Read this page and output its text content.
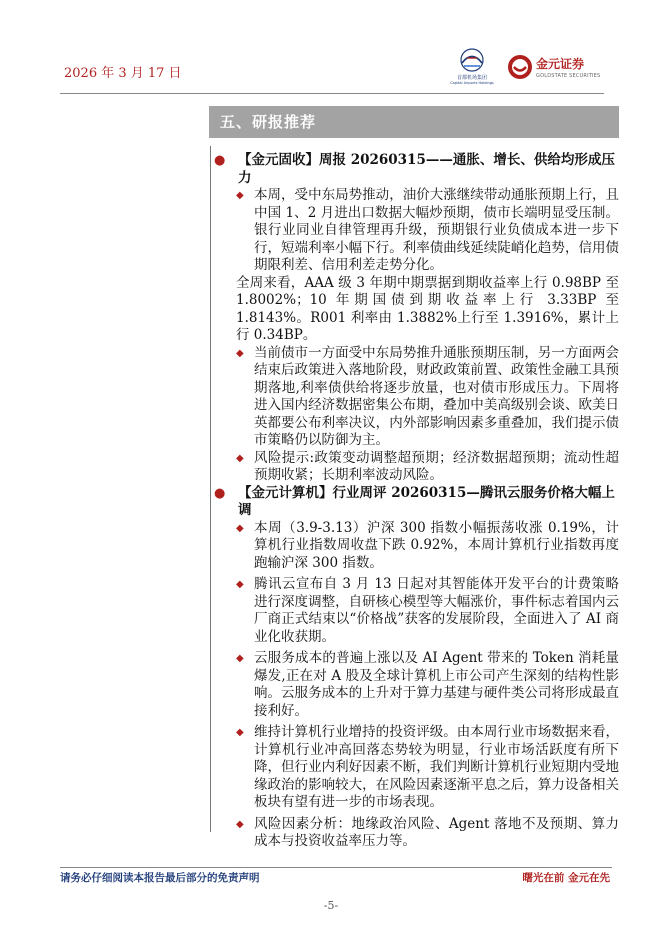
2026 年 3 月 17 日	首都机场集团
Capital Airports Holdings
金元证券
GOLDSTATE SECURITIES
五、研报推荐
● 【金元固收】周报 20260315——通胀、增长、供给均形成压力
◆ 本周，受中东局势推动，油价大涨继续带动通胀预期上行，且中国 1、2 月进出口数据大幅炒预期，债市长端明显受压制。银行业同业自律管理再升级，预期银行业负债成本进一步下行，短端利率小幅下行。利率债曲线延续陡峭化趋势，信用债期限利差、信用利差走势分化。
全周来看，AAA 级 3 年期中期票据到期收益率上行 0.98BP 至 1.8002%；10 年期国债到期收益率上行 3.33BP 至 1.8143%。R001 利率由 1.3882%上行至 1.3916%，累计上行 0.34BP。
◆ 当前债市一方面受中东局势推升通胀预期压制，另一方面两会结束后政策进入落地阶段，财政政策前置、政策性金融工具预期落地,利率债供给将逐步放量，也对债市形成压力。下周将进入国内经济数据密集公布期，叠加中美高级别会谈、欧美日英都要公布利率决议，内外部影响因素多重叠加，我们提示债市策略仍以防御为主。
◆ 风险提示:政策变动调整超预期；经济数据超预期；流动性超预期收紧；长期利率波动风险。
● 【金元计算机】行业周评 20260315—腾讯云服务价格大幅上调
◆ 本周（3.9-3.13）沪深 300 指数小幅振荡收涨 0.19%，计算机行业指数周收盘下跌 0.92%，本周计算机行业指数再度跑输沪深 300 指数。
◆ 腾讯云宣布自 3 月 13 日起对其智能体开发平台的计费策略进行深度调整，自研核心模型等大幅涨价，事件标志着国内云厂商正式结束以“价格战”获客的发展阶段，全面进入了 AI 商业化收获期。
◆ 云服务成本的普遍上涨以及 AI Agent 带来的 Token 消耗量爆发,正在对 A 股及全球计算机上市公司产生深刻的结构性影响。云服务成本的上升对于算力基建与硬件类公司将形成最直接利好。
◆ 维持计算机行业增持的投资评级。由本周行业市场数据来看，计算机行业冲高回落态势较为明显，行业市场活跃度有所下降，但行业内利好因素不断，我们判断计算机行业短期内受地缘政治的影响较大，在风险因素逐渐平息之后，算力设备相关板块有望有进一步的市场表现。
◆ 风险因素分析：地缘政治风险、Agent 落地不及预期、算力成本与投资收益率压力等。
请务必仔细阅读本报告最后部分的免责声明	曙光在前 金元在先
-5-
